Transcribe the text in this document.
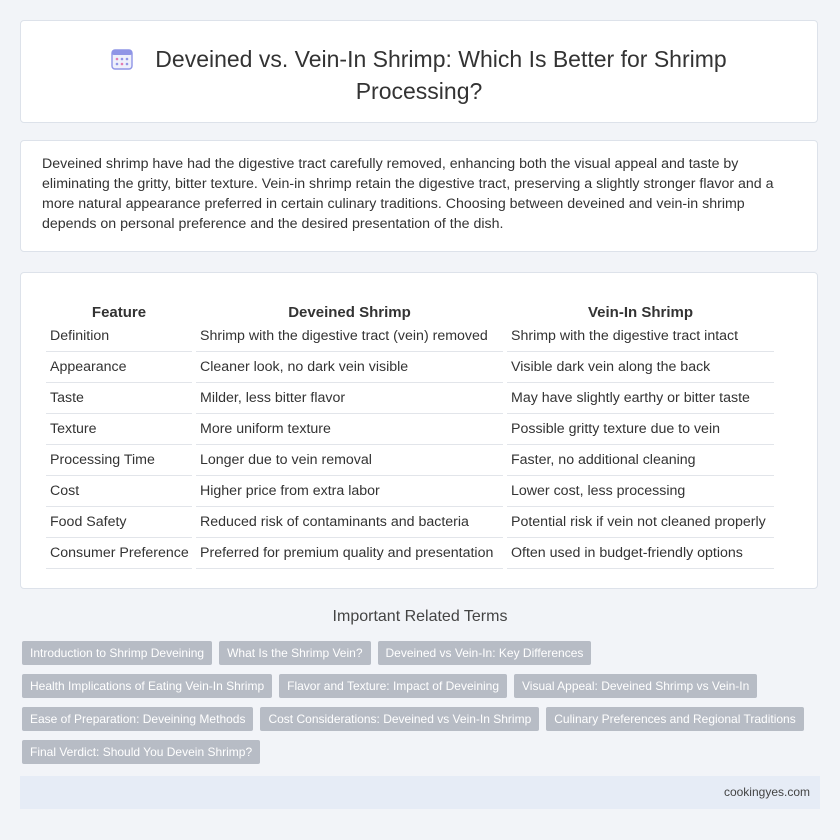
Deveined vs. Vein-In Shrimp: Which Is Better for Shrimp
Processing?

Deveined shrimp have had the digestive tract carefully removed, enhancing both the visual appeal and taste by eliminating the gritty, bitter texture. Vein-in shrimp retain the digestive tract, preserving a slightly stronger flavor and a more natural appearance preferred in certain culinary traditions. Choosing between deveined and vein-in shrimp depends on personal preference and the desired presentation of the dish.

Feature	Deveined Shrimp	Vein-In Shrimp
Definition	Shrimp with the digestive tract (vein) removed	Shrimp with the digestive tract intact
Appearance	Cleaner look, no dark vein visible	Visible dark vein along the back
Taste	Milder, less bitter flavor	May have slightly earthy or bitter taste
Texture	More uniform texture	Possible gritty texture due to vein
Processing Time	Longer due to vein removal	Faster, no additional cleaning
Cost	Higher price from extra labor	Lower cost, less processing
Food Safety	Reduced risk of contaminants and bacteria	Potential risk if vein not cleaned properly
Consumer Preference	Preferred for premium quality and presentation	Often used in budget-friendly options
Important Related Terms
Introduction to Shrimp Deveining	What Is the Shrimp Vein?	Deveined vs Vein-In: Key Differences
Health Implications of Eating Vein-In Shrimp	Flavor and Texture: Impact of Deveining	Visual Appeal: Deveined Shrimp vs Vein-In
Ease of Preparation: Deveining Methods	Cost Considerations: Deveined vs Vein-In Shrimp	Culinary Preferences and Regional Traditions
Final Verdict: Should You Devein Shrimp?
cookingyes.com
